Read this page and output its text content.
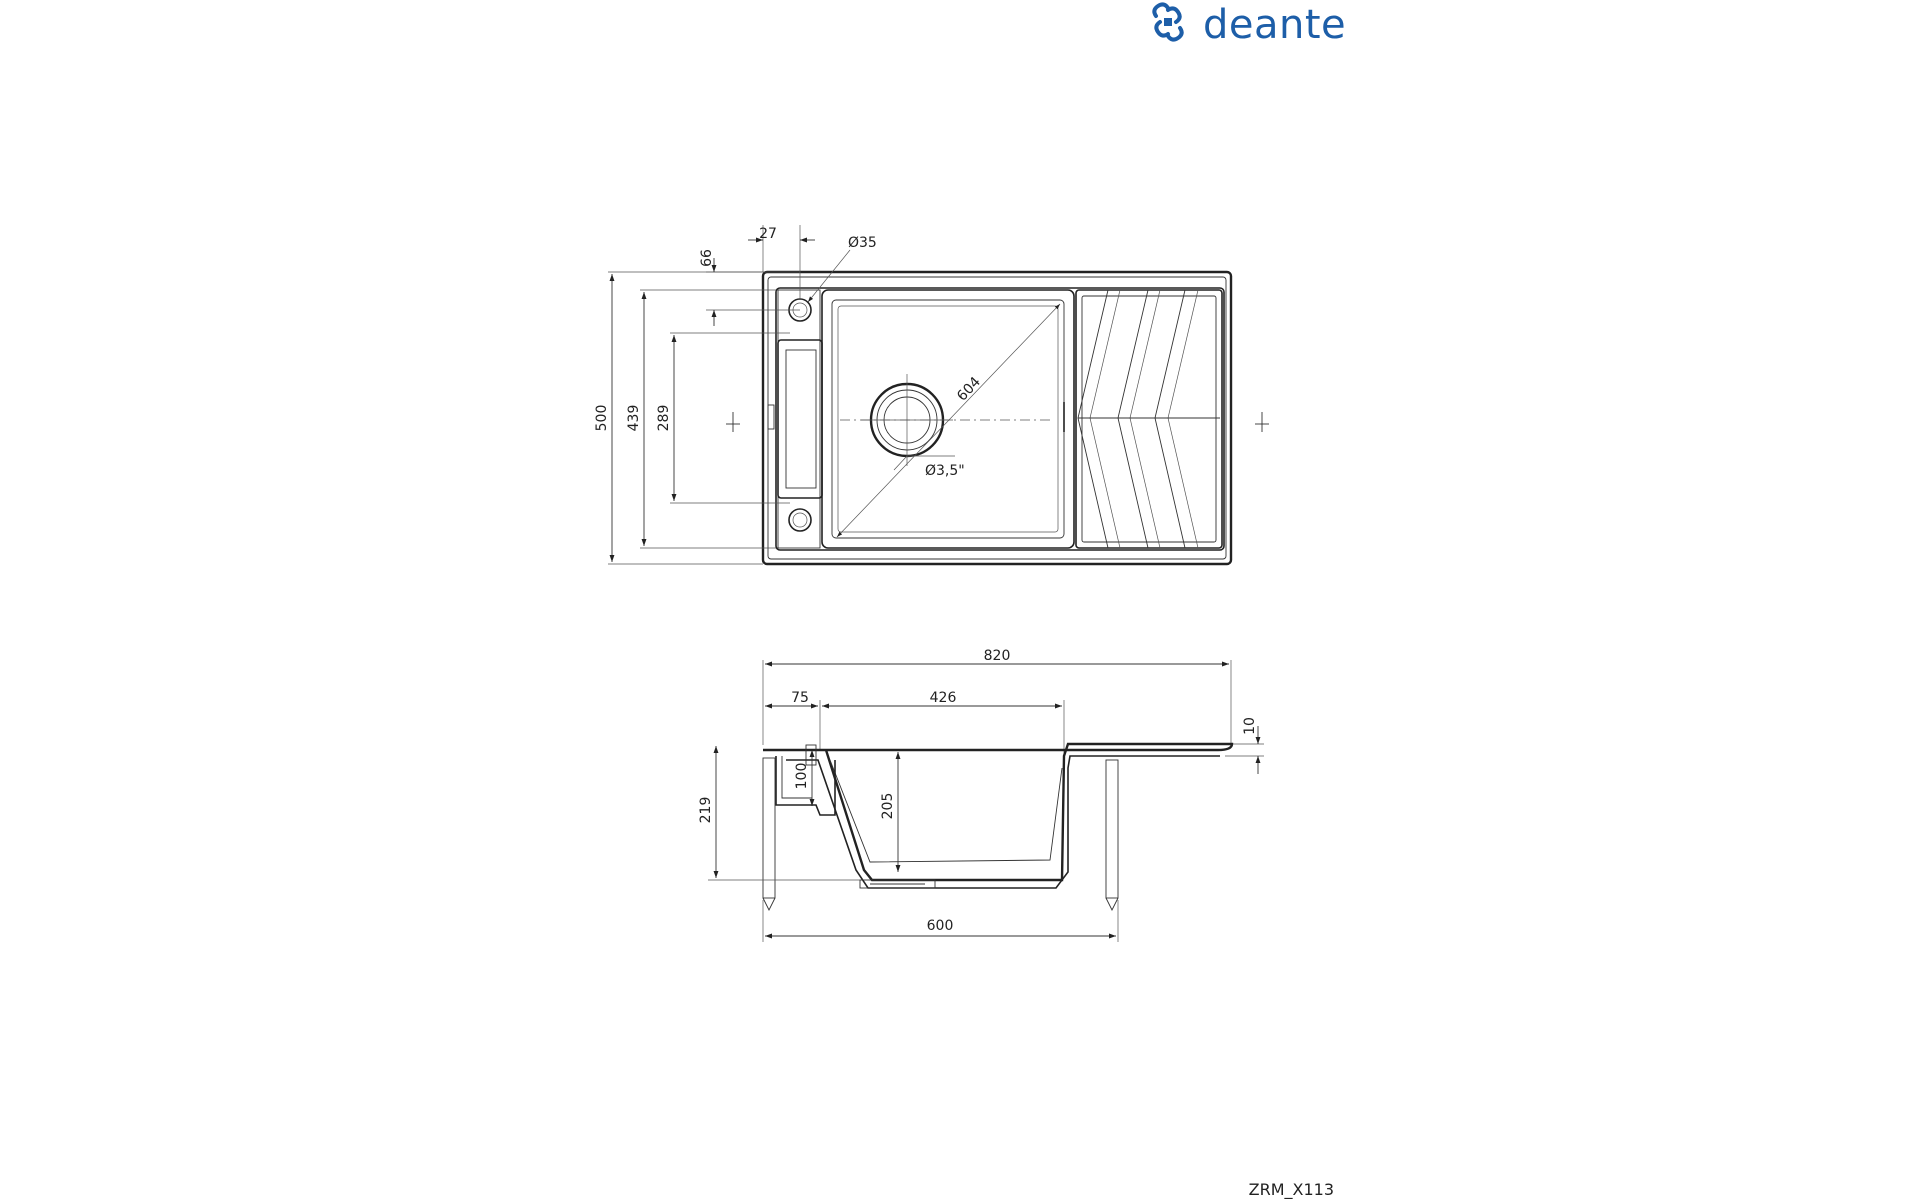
deante
66
27
Ø35
500 439 289
604
Ø3,5"
820
75	426
10
100
205
219
600
ZRM_X113
